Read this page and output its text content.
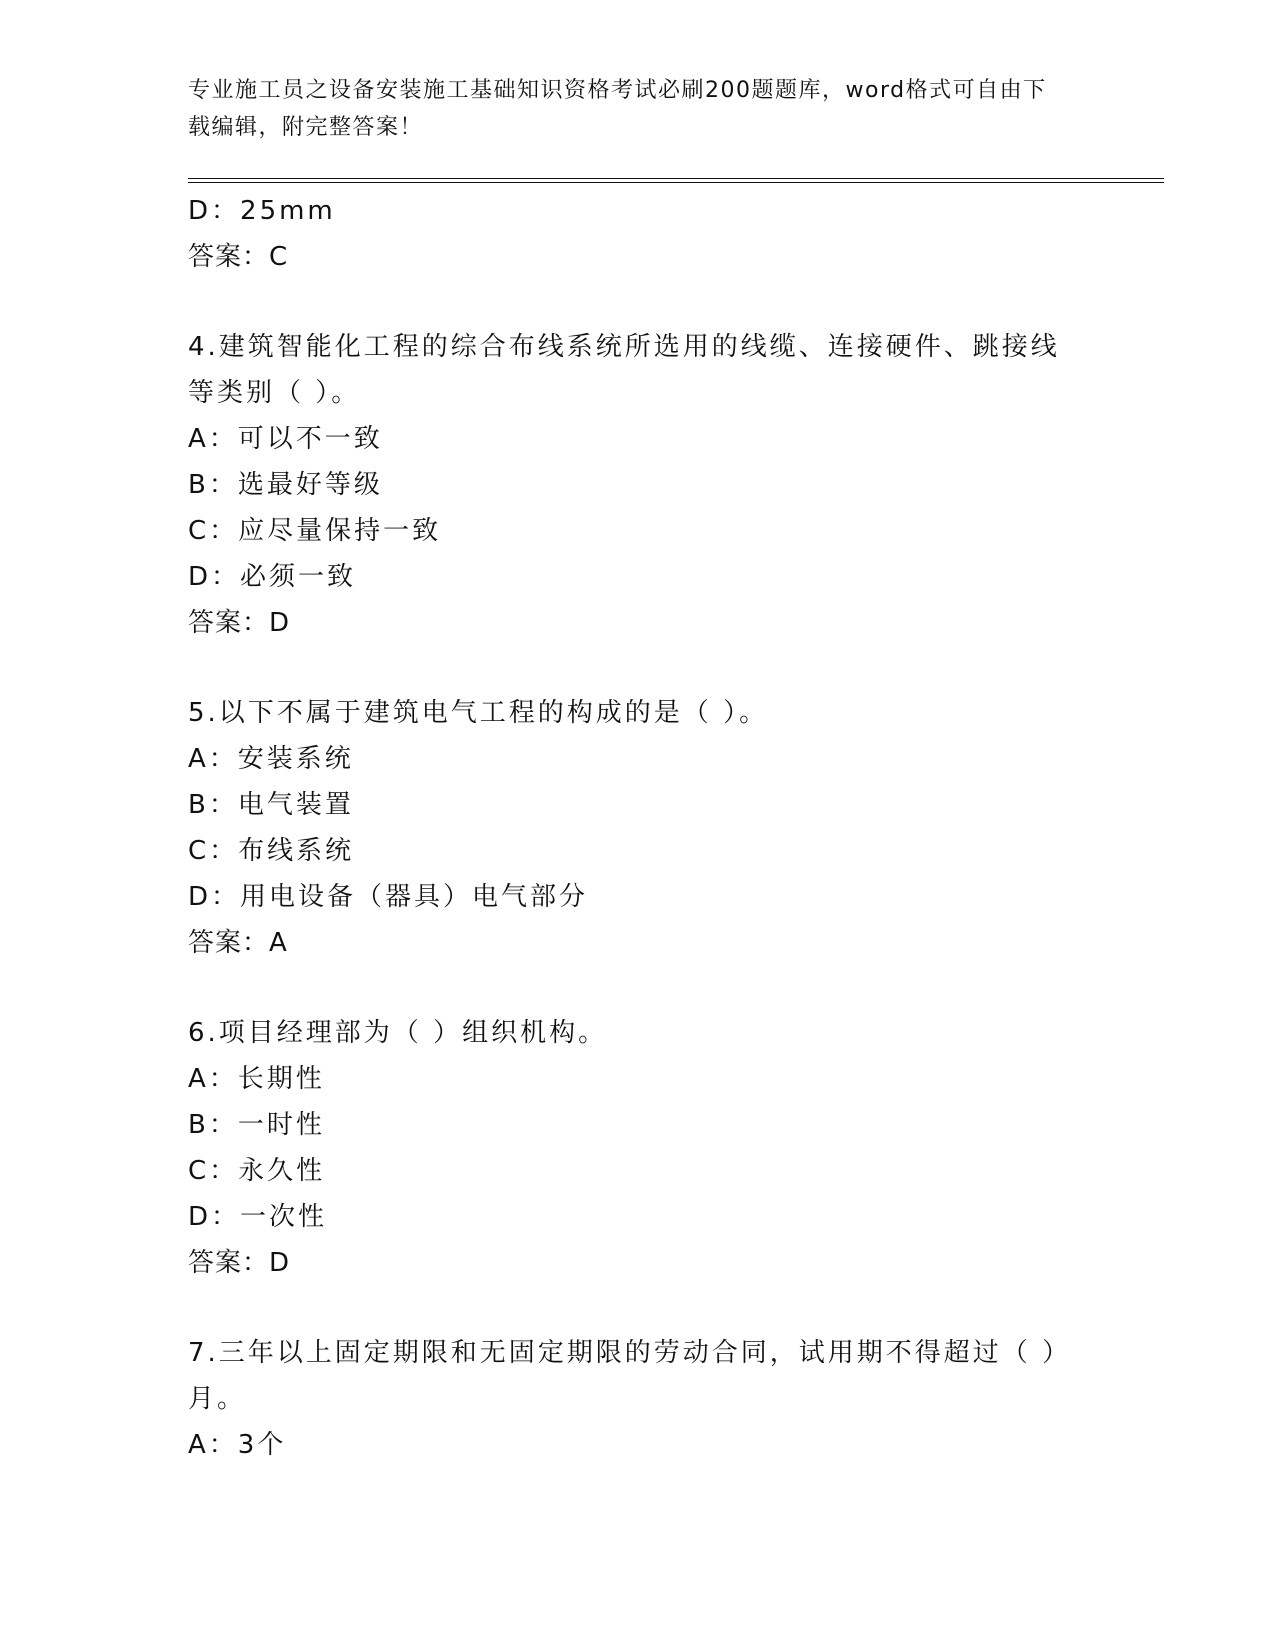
专业施工员之设备安装施工基础知识资格考试必刷200题题库，word格式可自由下载编辑，附完整答案！
D：25mm
答案：C
4.建筑智能化工程的综合布线系统所选用的线缆、连接硬件、跳接线等类别（ ）。
A：可以不一致
B：选最好等级
C：应尽量保持一致
D：必须一致
答案：D
5.以下不属于建筑电气工程的构成的是（ ）。
A：安装系统
B：电气装置
C：布线系统
D：用电设备（器具）电气部分
答案：A
6.项目经理部为（ ）组织机构。
A：长期性
B：一时性
C：永久性
D：一次性
答案：D
7.三年以上固定期限和无固定期限的劳动合同，试用期不得超过（ ）月。
A：3个
